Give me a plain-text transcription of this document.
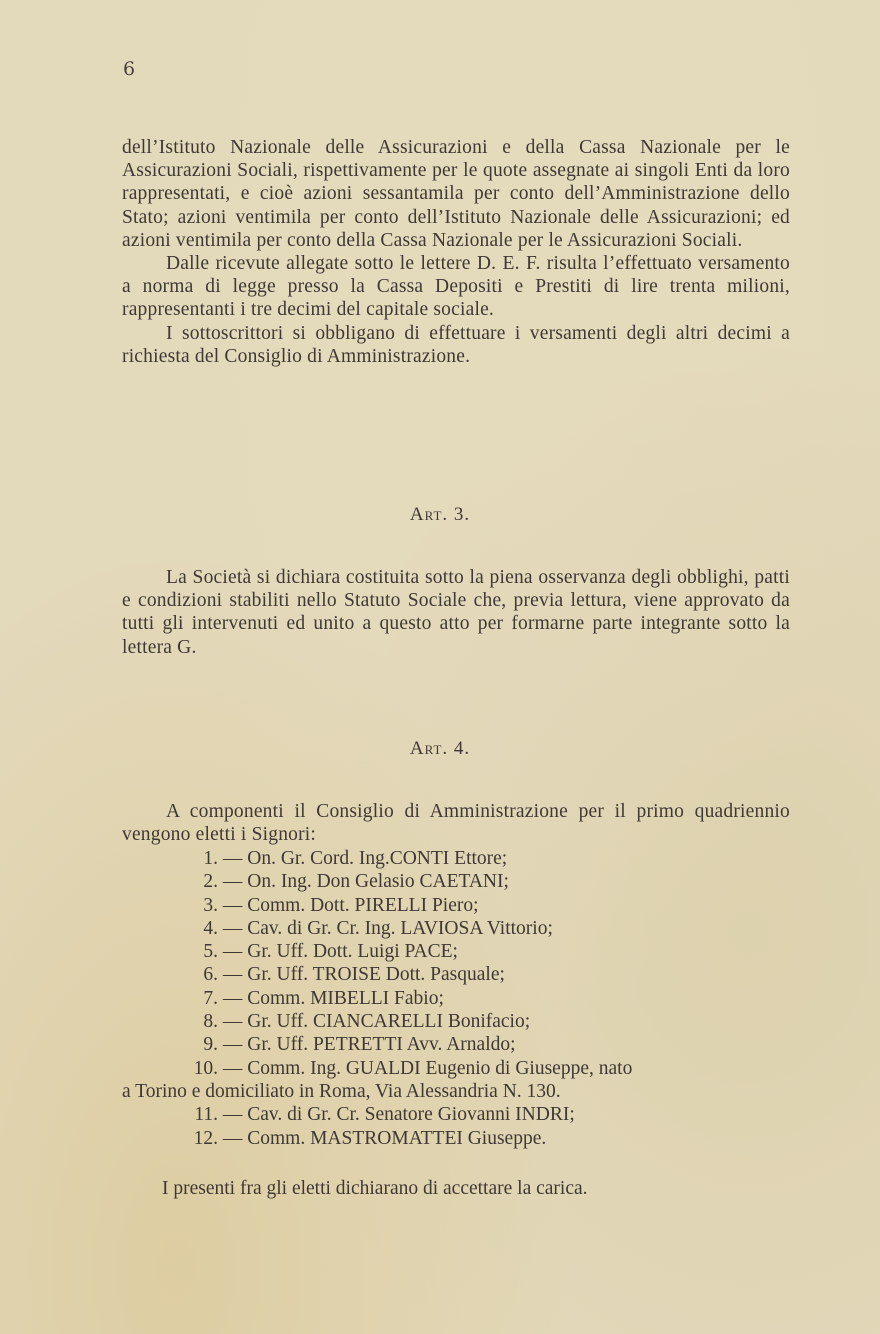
6

dell’Istituto Nazionale delle Assicurazioni e della Cassa Nazionale per le Assicurazioni Sociali, rispettivamente per le quote assegnate ai singoli Enti da loro rappresentati, e cioè azioni sessantamila per conto dell’Amministrazione dello Stato; azioni ventimila per conto dell’Istituto Nazionale delle Assicurazioni; ed azioni ventimila per conto della Cassa Nazionale per le Assicurazioni Sociali.

Dalle ricevute allegate sotto le lettere D. E. F. risulta l’effettuato versamento a norma di legge presso la Cassa Depositi e Prestiti di lire trenta milioni, rappresentanti i tre decimi del capitale sociale.

I sottoscrittori si obbligano di effettuare i versamenti degli altri decimi a richiesta del Consiglio di Amministrazione.

Art. 3.

La Società si dichiara costituita sotto la piena osservanza degli obblighi, patti e condizioni stabiliti nello Statuto Sociale che, previa lettura, viene approvato da tutti gli intervenuti ed unito a questo atto per formarne parte integrante sotto la lettera G.

Art. 4.

A componenti il Consiglio di Amministrazione per il primo quadriennio vengono eletti i Signori:

1. — On. Gr. Cord. Ing.CONTI Ettore;
2. — On. Ing. Don Gelasio CAETANI;
3. — Comm. Dott. PIRELLI Piero;
4. — Cav. di Gr. Cr. Ing. LAVIOSA Vittorio;
5. — Gr. Uff. Dott. Luigi PACE;
6. — Gr. Uff. TROISE Dott. Pasquale;
7. — Comm. MIBELLI Fabio;
8. — Gr. Uff. CIANCARELLI Bonifacio;
9. — Gr. Uff. PETRETTI Avv. Arnaldo;
10. — Comm. Ing. GUALDI Eugenio di Giuseppe, nato
a Torino e domiciliato in Roma, Via Alessandria N. 130.
11. — Cav. di Gr. Cr. Senatore Giovanni INDRI;
12. — Comm. MASTROMATTEI Giuseppe.
I presenti fra gli eletti dichiarano di accettare la carica.
